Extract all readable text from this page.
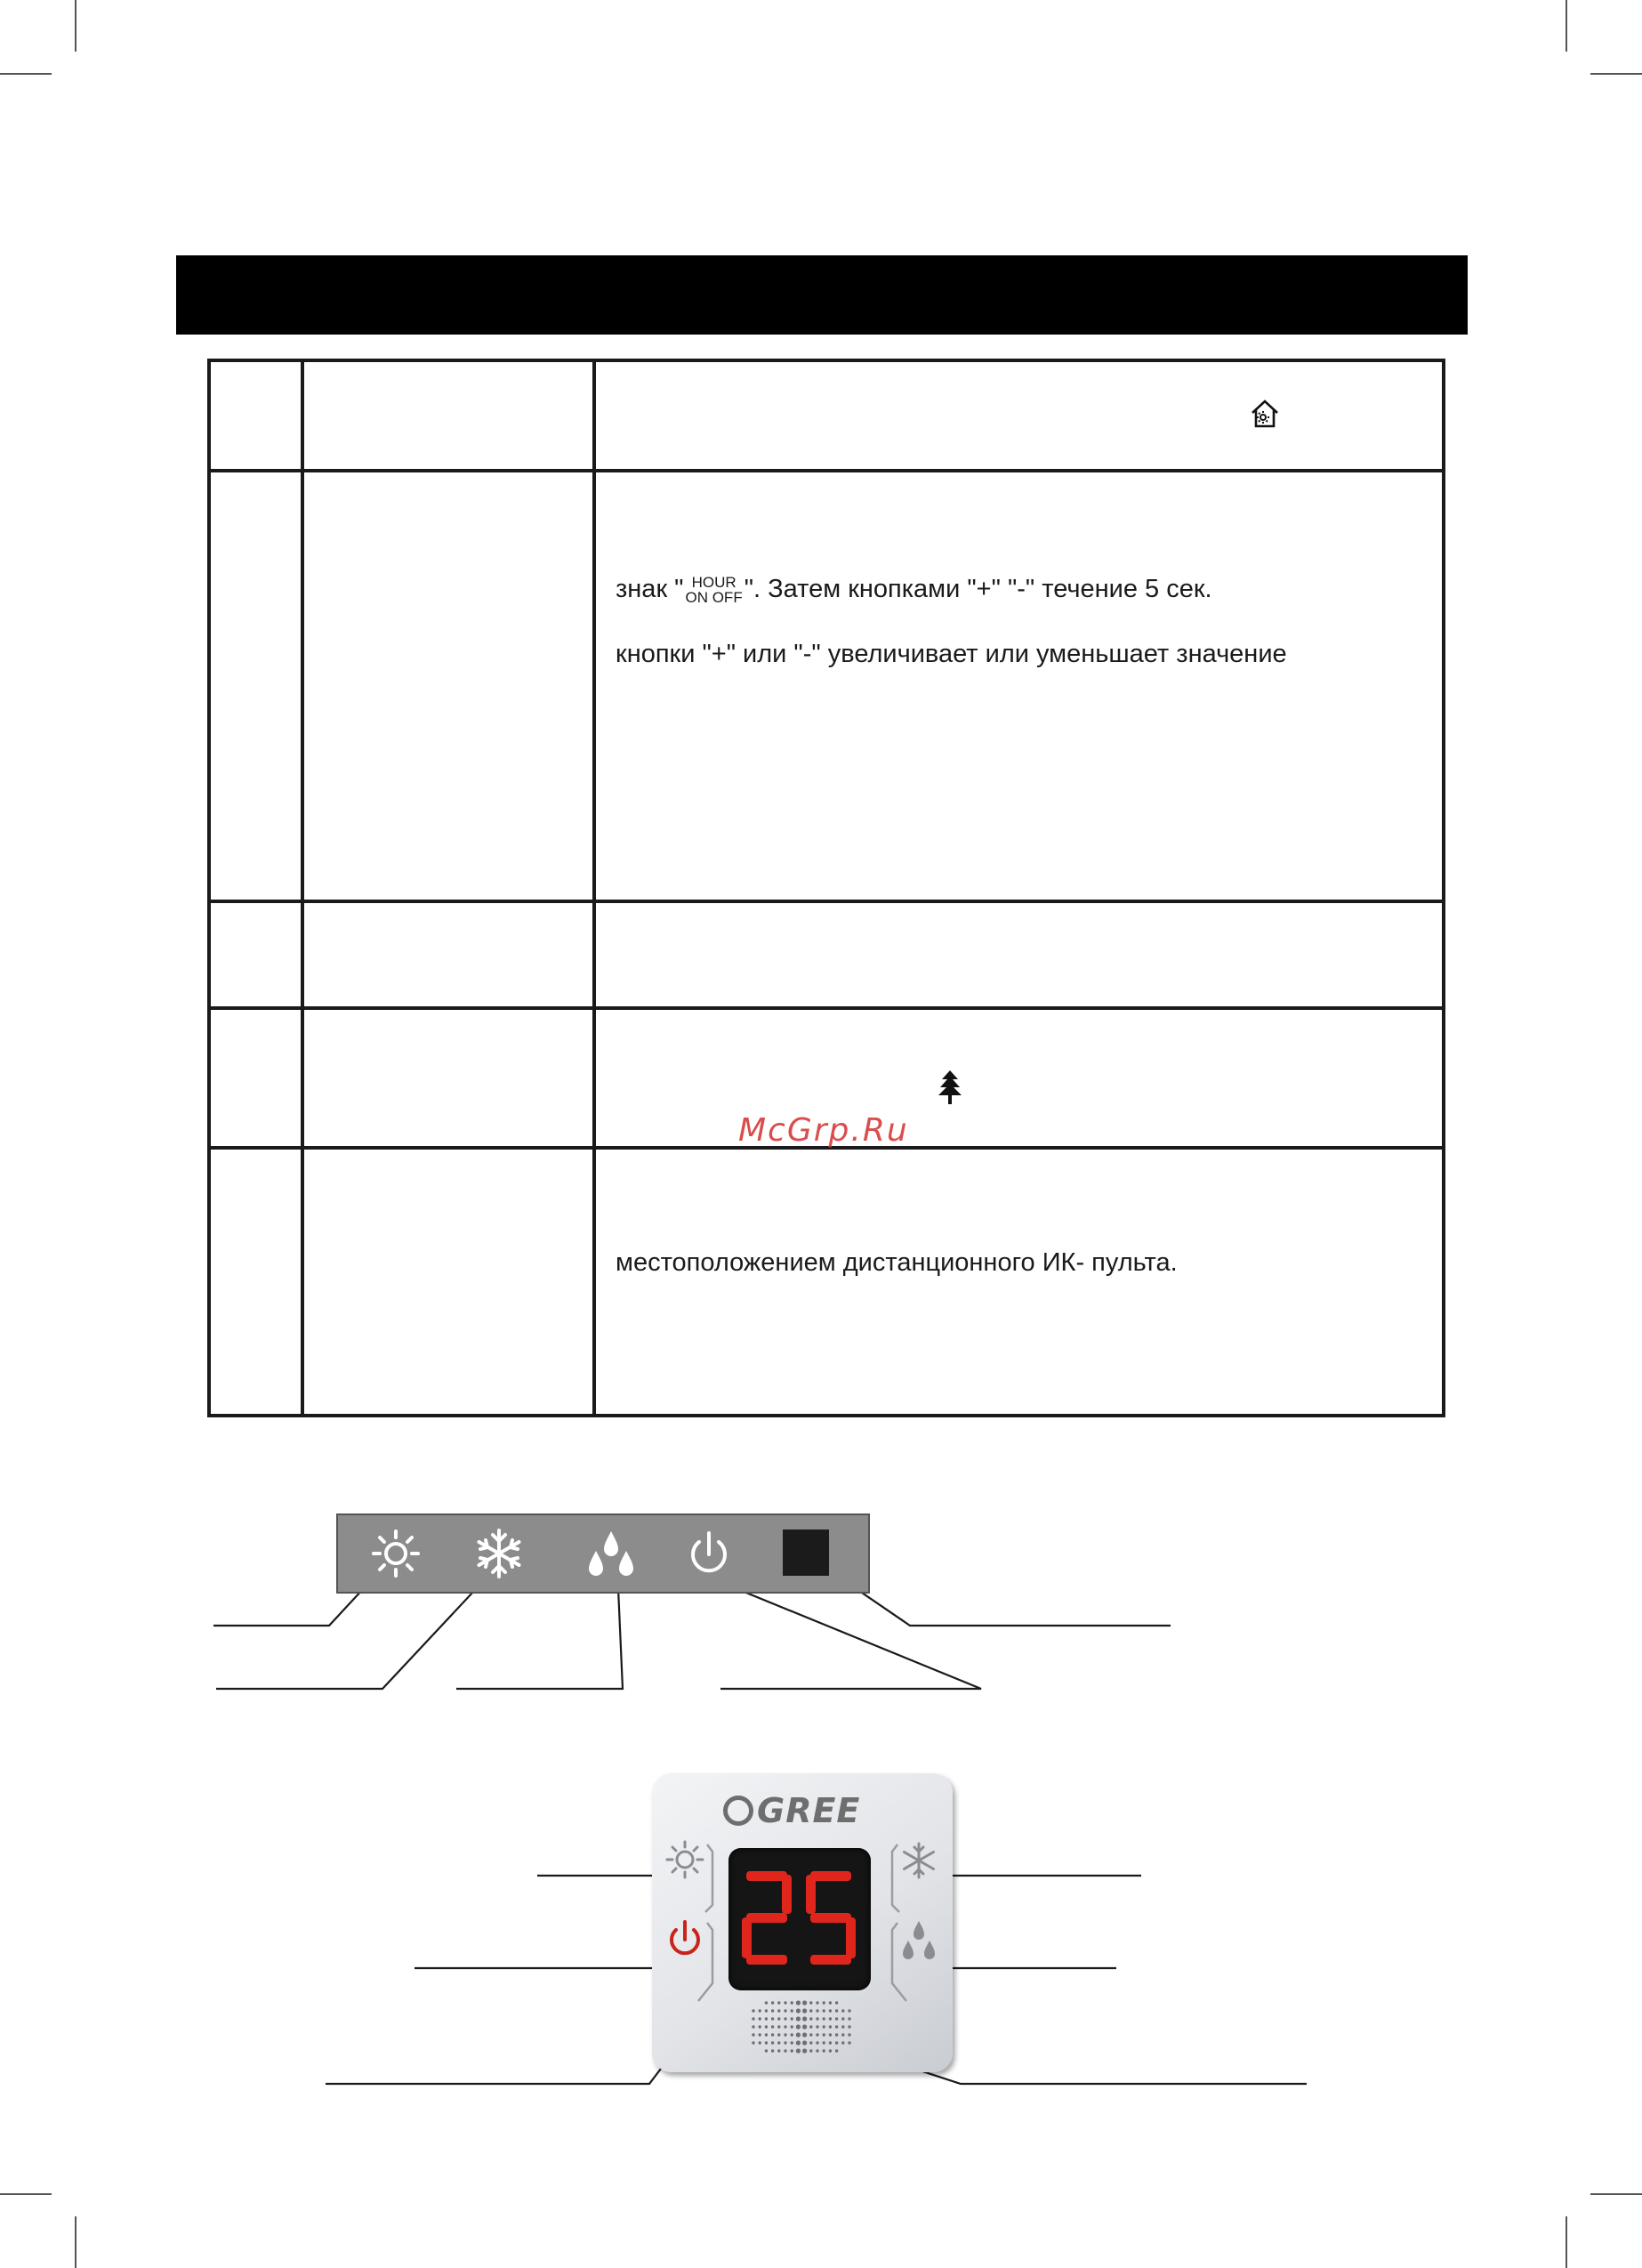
знак " HOUR
ON OFF". Затем кнопками "+" "-" течение 5 сек.
кнопки "+" или "-" увеличивает или уменьшает значение
местоположением дистанционного ИК- пульта.
McGrp.Ru
GREE
